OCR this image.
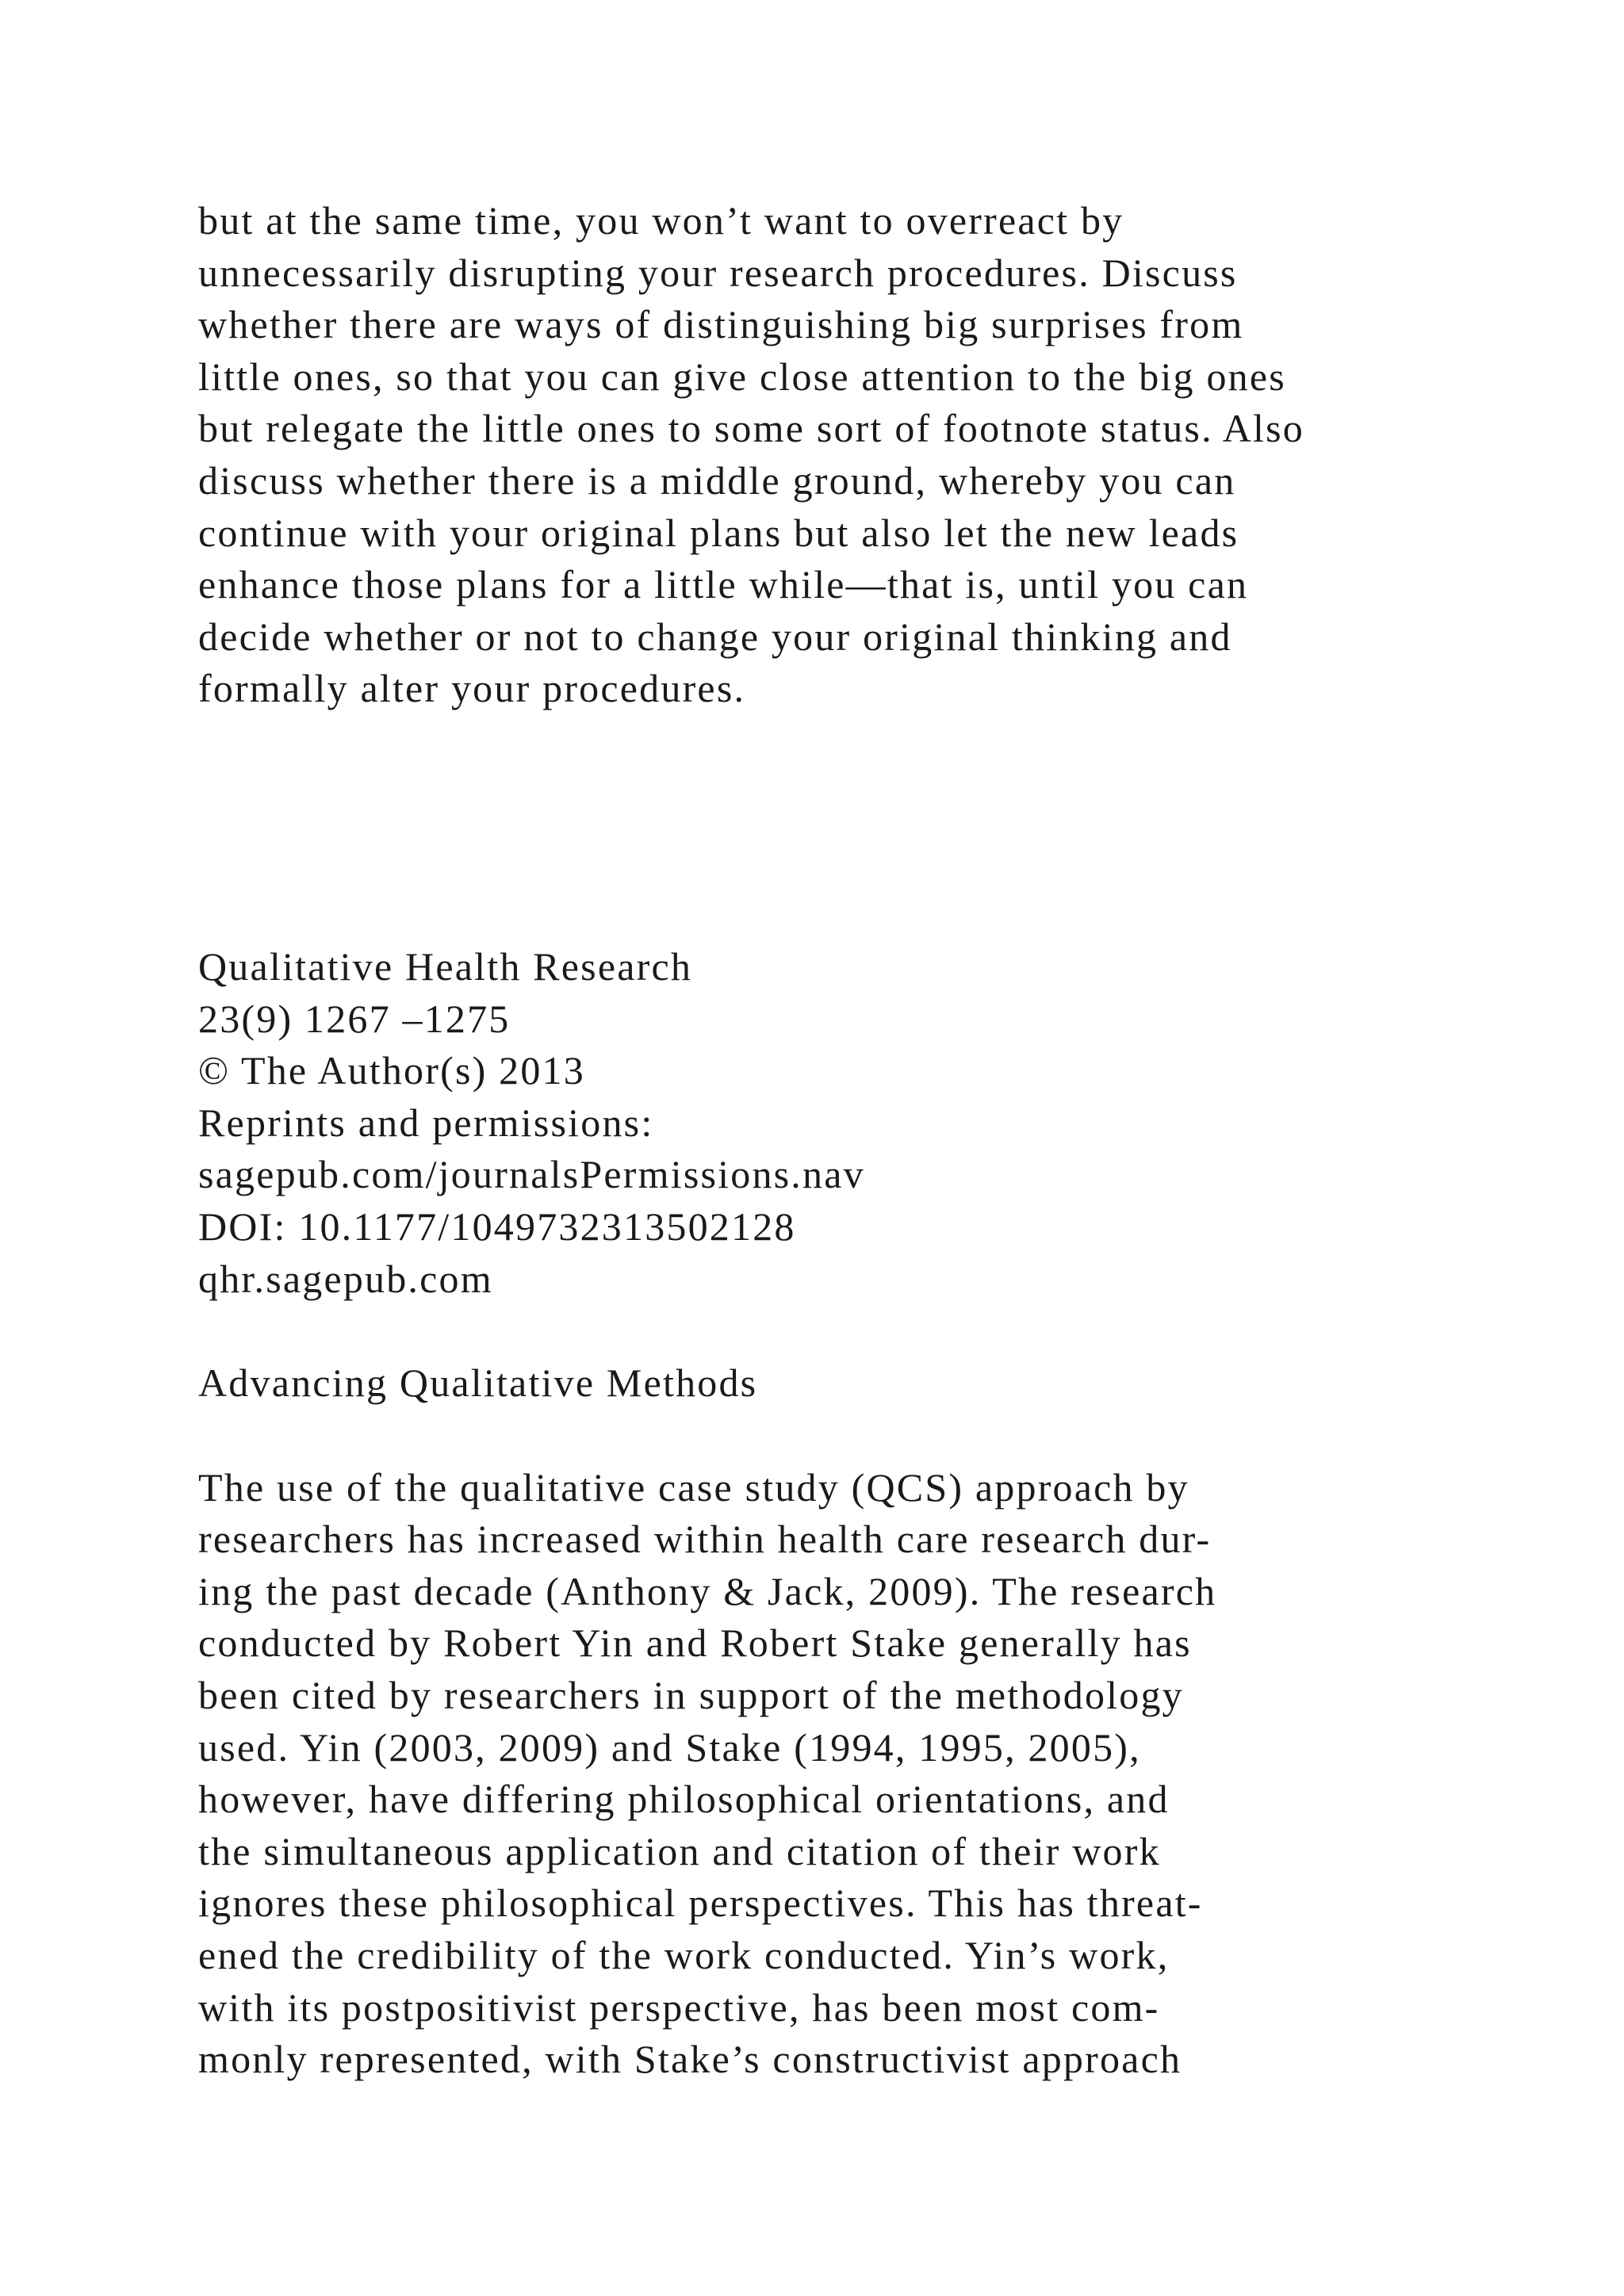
but at the same time, you won’t want to overreact by
unnecessarily disrupting your research procedures. Discuss
whether there are ways of distinguishing big surprises from
little ones, so that you can give close attention to the big ones
but relegate the little ones to some sort of footnote status. Also
discuss whether there is a middle ground, whereby you can
continue with your original plans but also let the new leads
enhance those plans for a little while—that is, until you can
decide whether or not to change your original thinking and
formally alter your procedures.
Qualitative Health Research
23(9) 1267 –1275
© The Author(s) 2013
Reprints and permissions:
sagepub.com/journalsPermissions.nav
DOI: 10.1177/1049732313502128
qhr.sagepub.com
Advancing Qualitative Methods
The use of the qualitative case study (QCS) approach by
researchers has increased within health care research dur-
ing the past decade (Anthony & Jack, 2009). The research
conducted by Robert Yin and Robert Stake generally has
been cited by researchers in support of the methodology
used. Yin (2003, 2009) and Stake (1994, 1995, 2005),
however, have differing philosophical orientations, and
the simultaneous application and citation of their work
ignores these philosophical perspectives. This has threat-
ened the credibility of the work conducted. Yin’s work,
with its postpositivist perspective, has been most com-
monly represented, with Stake’s constructivist approach
